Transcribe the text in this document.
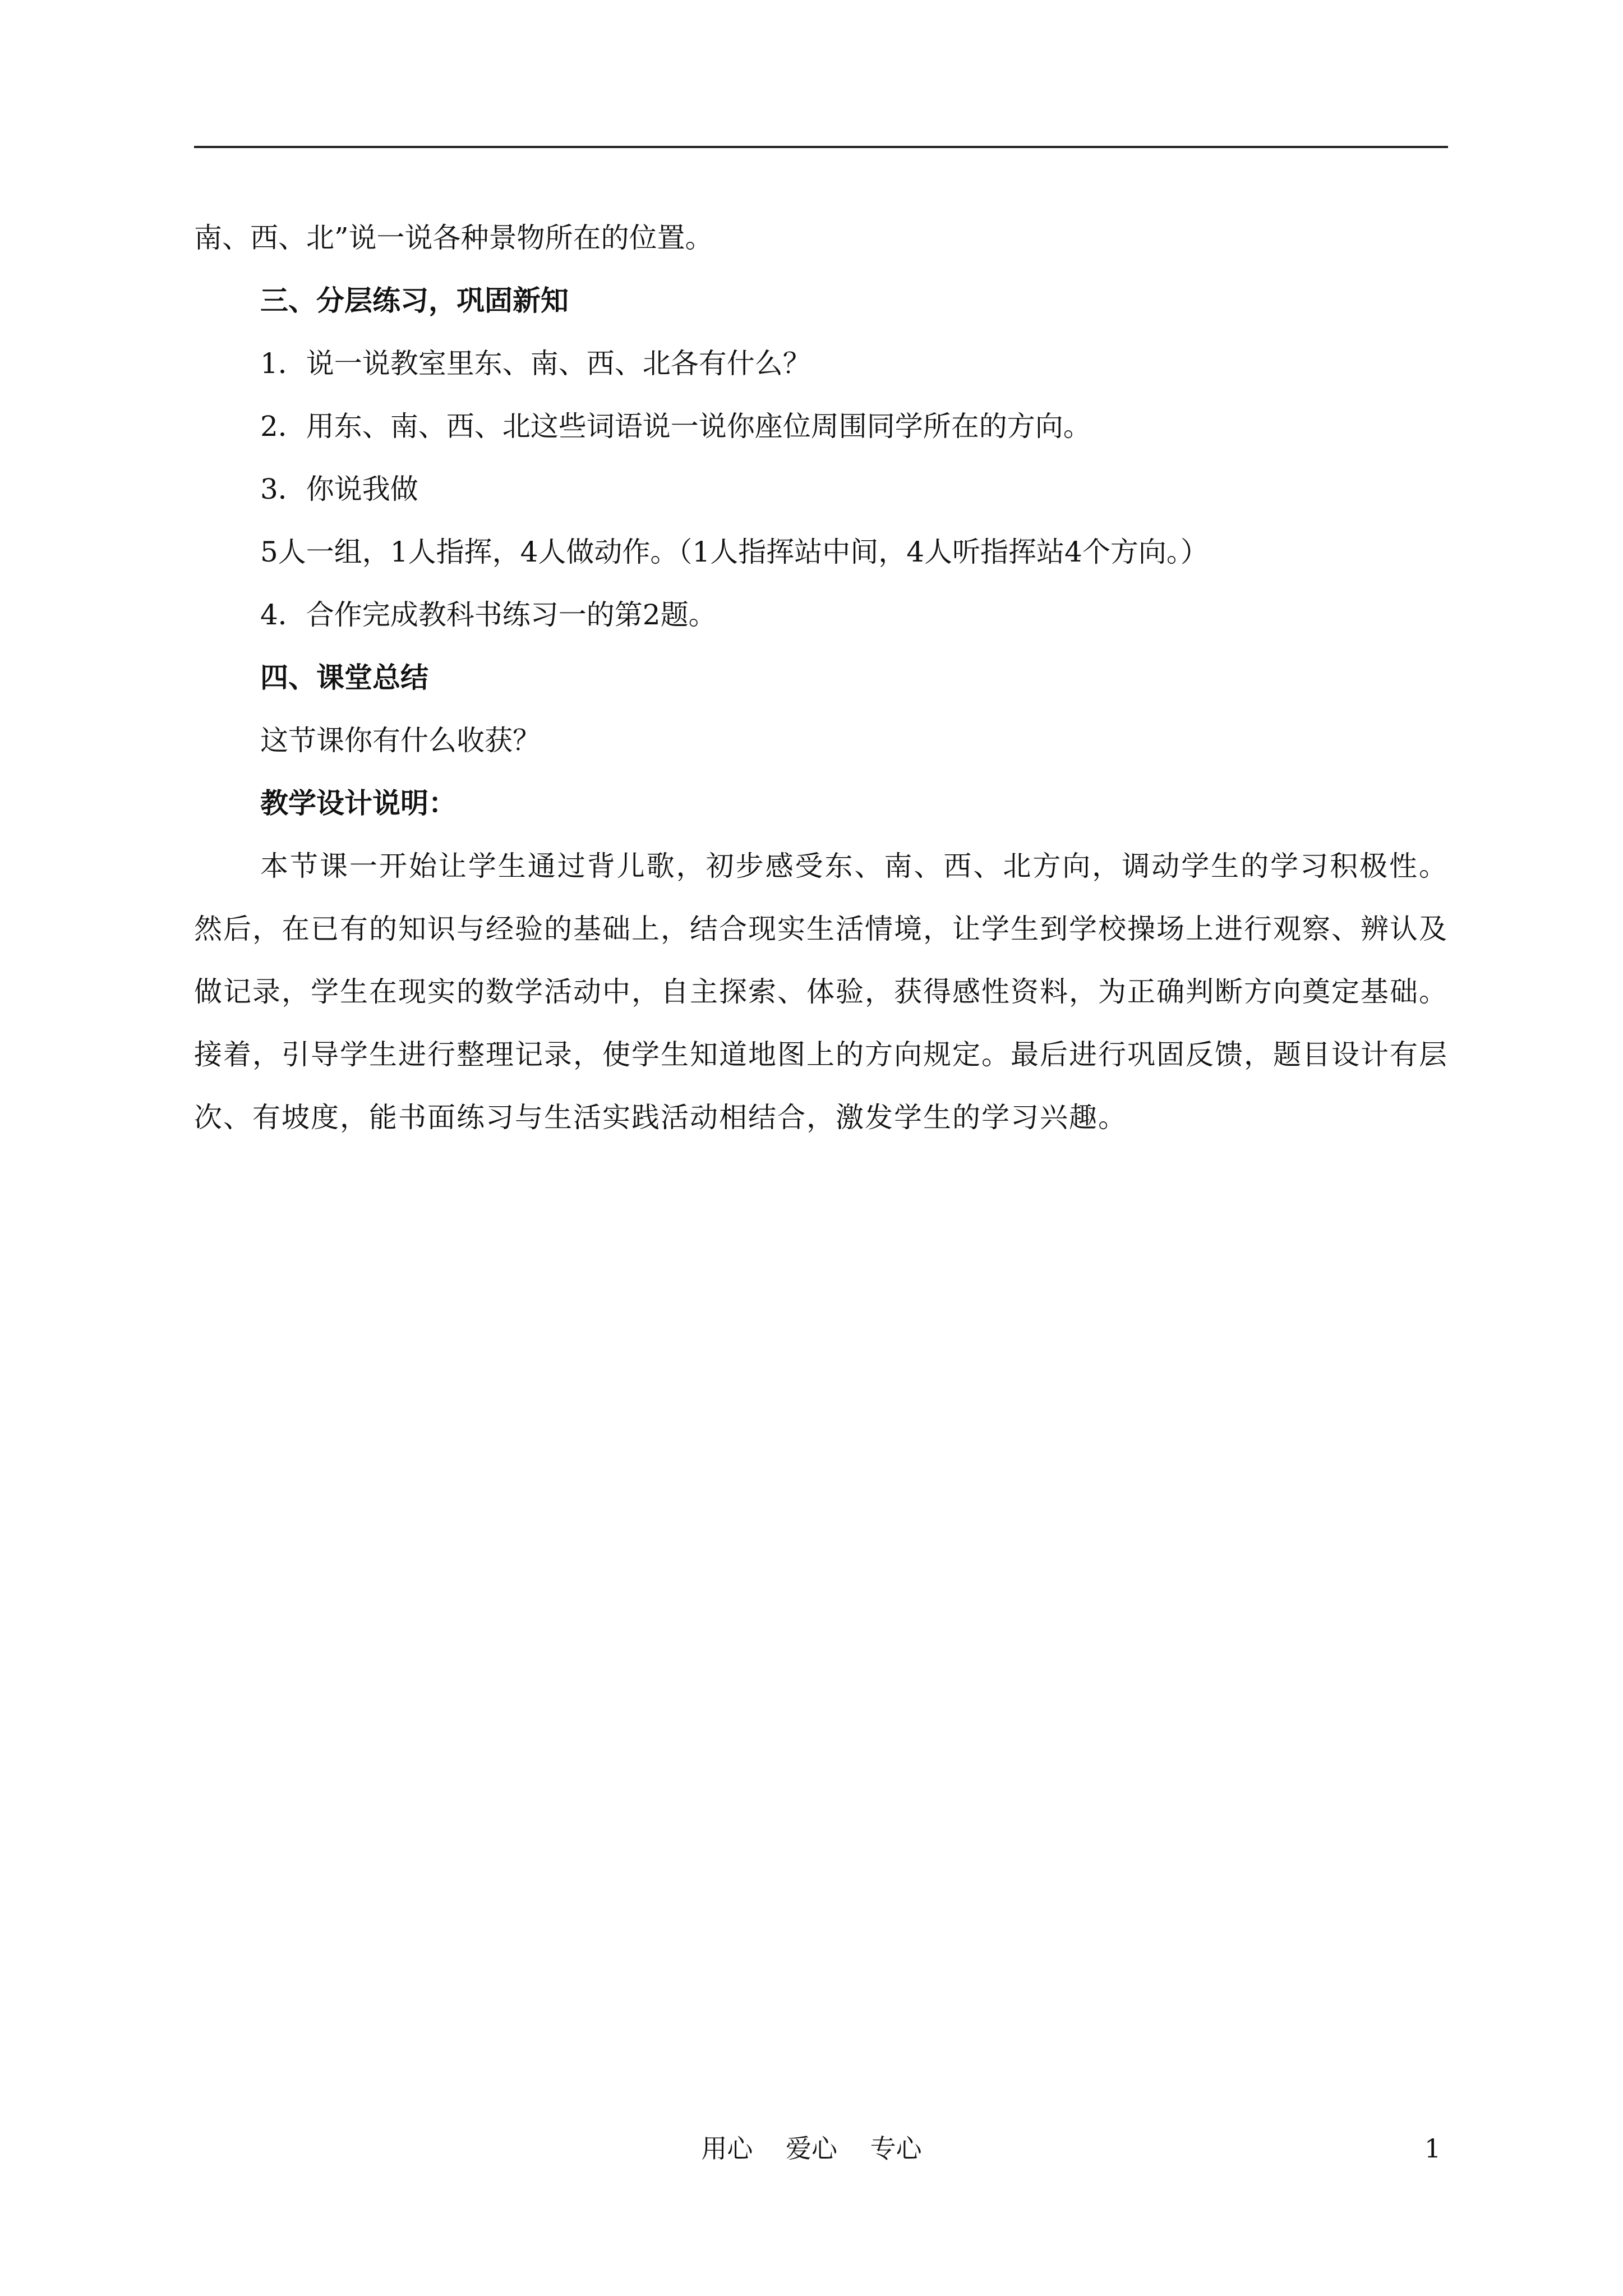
南、西、北”说一说各种景物所在的位置。

三、分层练习，巩固新知

1．说一说教室里东、南、西、北各有什么？

2．用东、南、西、北这些词语说一说你座位周围同学所在的方向。

3．你说我做

5人一组，1人指挥，4人做动作。（1人指挥站中间，4人听指挥站4个方向。）

4．合作完成教科书练习一的第2题。

四、课堂总结

这节课你有什么收获？

教学设计说明：

本节课一开始让学生通过背儿歌，初步感受东、南、西、北方向，调动学生的学习积极性。然后，在已有的知识与经验的基础上，结合现实生活情境，让学生到学校操场上进行观察、辨认及做记录，学生在现实的数学活动中，自主探索、体验，获得感性资料，为正确判断方向奠定基础。接着，引导学生进行整理记录，使学生知道地图上的方向规定。最后进行巩固反馈，题目设计有层次、有坡度，能书面练习与生活实践活动相结合，激发学生的学习兴趣。

用心 爱心 专心	1
